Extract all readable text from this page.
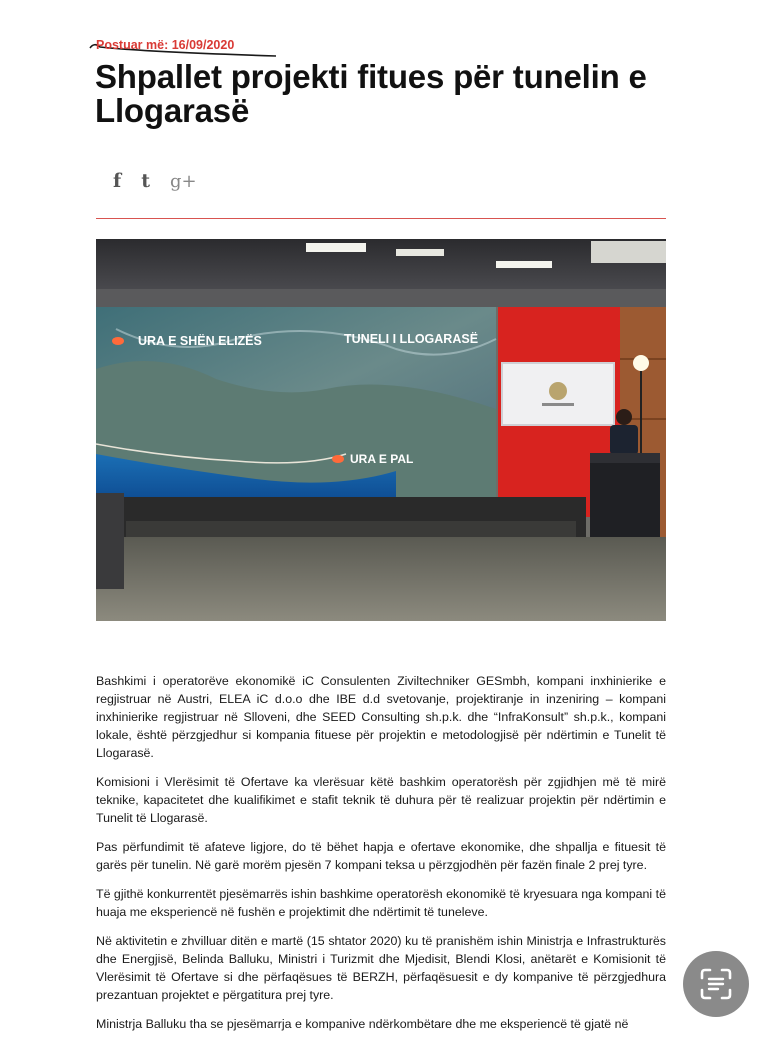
Postuar më: 16/09/2020
Shpallet projekti fitues për tunelin e Llogarasë
f t g+
URA E SHËN ELIZËS	TUNELI I LLOGARASË
URA E PAL

Bashkimi i operatorëve ekonomikë iC Consulenten Ziviltechniker GESmbh, kompani inxhinierike e regjistruar në Austri, ELEA iC d.o.o dhe IBE d.d svetovanje, projektiranje in inzeniring – kompani inxhinierike regjistruar në Slloveni, dhe SEED Consulting sh.p.k. dhe “InfraKonsult” sh.p.k., kompani lokale, është përzgjedhur si kompania fituese për projektin e metodologjisë për ndërtimin e Tunelit të Llogarasë.

Komisioni i Vlerësimit të Ofertave ka vlerësuar këtë bashkim operatorësh për zgjidhjen më të mirë teknike, kapacitetet dhe kualifikimet e stafit teknik të duhura për të realizuar projektin për ndërtimin e Tunelit të Llogarasë.

Pas përfundimit të afateve ligjore, do të bëhet hapja e ofertave ekonomike, dhe shpallja e fituesit të garës për tunelin. Në garë morëm pjesën 7 kompani teksa u përzgjodhën për fazën finale 2 prej tyre.

Të gjithë konkurrentët pjesëmarrës ishin bashkime operatorësh ekonomikë të kryesuara nga kompani të huaja me eksperiencë në fushën e projektimit dhe ndërtimit të tuneleve.

Në aktivitetin e zhvilluar ditën e martë (15 shtator 2020) ku të pranishëm ishin Ministrja e Infrastrukturës dhe Energjisë, Belinda Balluku, Ministri i Turizmit dhe Mjedisit, Blendi Klosi, anëtarët e Komisionit të Vlerësimit të Ofertave si dhe përfaqësues të BERZH, përfaqësuesit e dy kompanive të përzgjedhura prezantuan projektet e përgatitura prej tyre.

Ministrja Balluku tha se pjesëmarrja e kompanive ndërkombëtare dhe me eksperiencë të gjatë në
